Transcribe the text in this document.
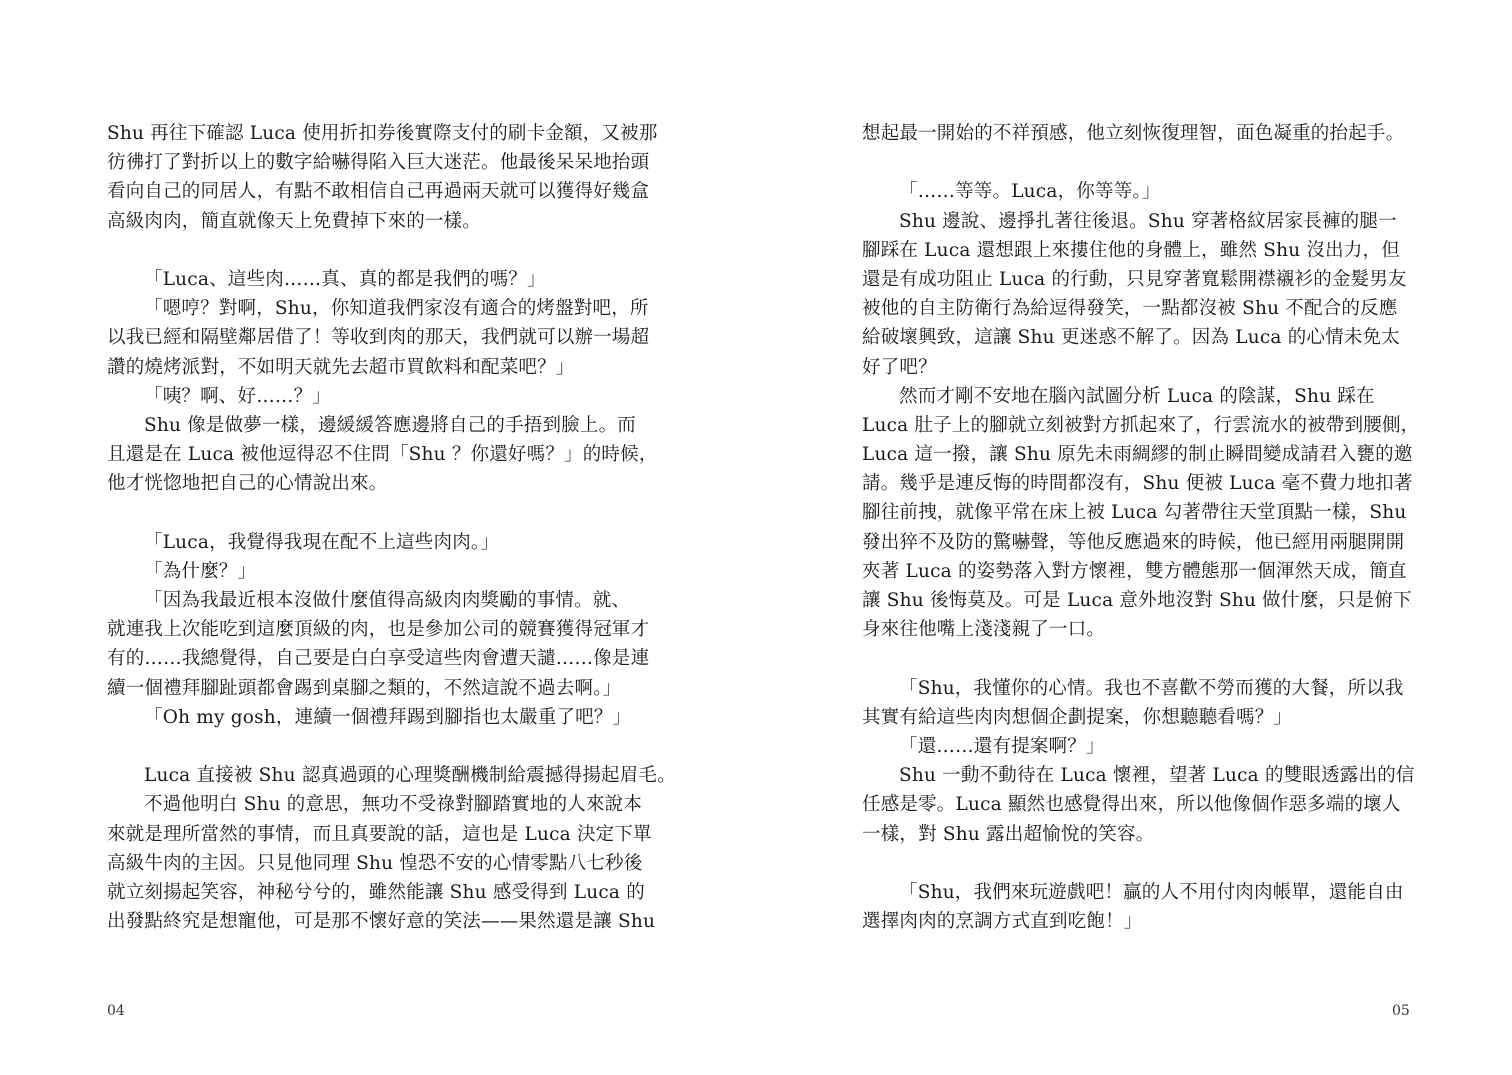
Shu 再往下確認 Luca 使用折扣券後實際支付的刷卡金額，又被那
彷彿打了對折以上的數字給嚇得陷入巨大迷茫。他最後呆呆地抬頭
看向自己的同居人，有點不敢相信自己再過兩天就可以獲得好幾盒
高級肉肉，簡直就像天上免費掉下來的一樣。
「Luca、這些肉……真、真的都是我們的嗎？」
「嗯哼？對啊，Shu，你知道我們家沒有適合的烤盤對吧，所
以我已經和隔壁鄰居借了！等收到肉的那天，我們就可以辦一場超
讚的燒烤派對，不如明天就先去超市買飲料和配菜吧？」
「咦？啊、好……？」
Shu 像是做夢一樣，邊緩緩答應邊將自己的手捂到臉上。而
且還是在 Luca 被他逗得忍不住問「Shu ？你還好嗎？」的時候，
他才恍惚地把自己的心情說出來。
「Luca，我覺得我現在配不上這些肉肉。」
「為什麼？」
「因為我最近根本沒做什麼值得高級肉肉獎勵的事情。就、
就連我上次能吃到這麼頂級的肉，也是參加公司的競賽獲得冠軍才
有的……我總覺得，自己要是白白享受這些肉會遭天譴……像是連
續一個禮拜腳趾頭都會踢到桌腳之類的，不然這說不過去啊。」
「Oh my gosh，連續一個禮拜踢到腳指也太嚴重了吧？」
Luca 直接被 Shu 認真過頭的心理獎酬機制給震撼得揚起眉毛。
不過他明白 Shu 的意思，無功不受祿對腳踏實地的人來說本
來就是理所當然的事情，而且真要說的話，這也是 Luca 決定下單
高級牛肉的主因。只見他同理 Shu 惶恐不安的心情零點八七秒後
就立刻揚起笑容，神秘兮兮的，雖然能讓 Shu 感受得到 Luca 的
出發點終究是想寵他，可是那不懷好意的笑法——果然還是讓 Shu
04
想起最一開始的不祥預感，他立刻恢復理智，面色凝重的抬起手。
「……等等。Luca，你等等。」
Shu 邊說、邊掙扎著往後退。Shu 穿著格紋居家長褲的腿一
腳踩在 Luca 還想跟上來摟住他的身體上，雖然 Shu 沒出力，但
還是有成功阻止 Luca 的行動，只見穿著寬鬆開襟襯衫的金髮男友
被他的自主防衛行為給逗得發笑，一點都沒被 Shu 不配合的反應
給破壞興致，這讓 Shu 更迷惑不解了。因為 Luca 的心情未免太
好了吧？
然而才剛不安地在腦內試圖分析 Luca 的陰謀，Shu 踩在
Luca 肚子上的腳就立刻被對方抓起來了，行雲流水的被帶到腰側，
Luca 這一撥，讓 Shu 原先未雨綢繆的制止瞬間變成請君入甕的邀
請。幾乎是連反悔的時間都沒有，Shu 便被 Luca 毫不費力地扣著
腳往前拽，就像平常在床上被 Luca 勾著帶往天堂頂點一樣，Shu
發出猝不及防的驚嚇聲，等他反應過來的時候，他已經用兩腿開開
夾著 Luca 的姿勢落入對方懷裡，雙方體態那一個渾然天成，簡直
讓 Shu 後悔莫及。可是 Luca 意外地沒對 Shu 做什麼，只是俯下
身來往他嘴上淺淺親了一口。
「Shu，我懂你的心情。我也不喜歡不勞而獲的大餐，所以我
其實有給這些肉肉想個企劃提案，你想聽聽看嗎？」
「還……還有提案啊？」
Shu 一動不動待在 Luca 懷裡，望著 Luca 的雙眼透露出的信
任感是零。Luca 顯然也感覺得出來，所以他像個作惡多端的壞人
一樣，對 Shu 露出超愉悅的笑容。
「Shu，我們來玩遊戲吧！贏的人不用付肉肉帳單，還能自由
選擇肉肉的烹調方式直到吃飽！」
05
